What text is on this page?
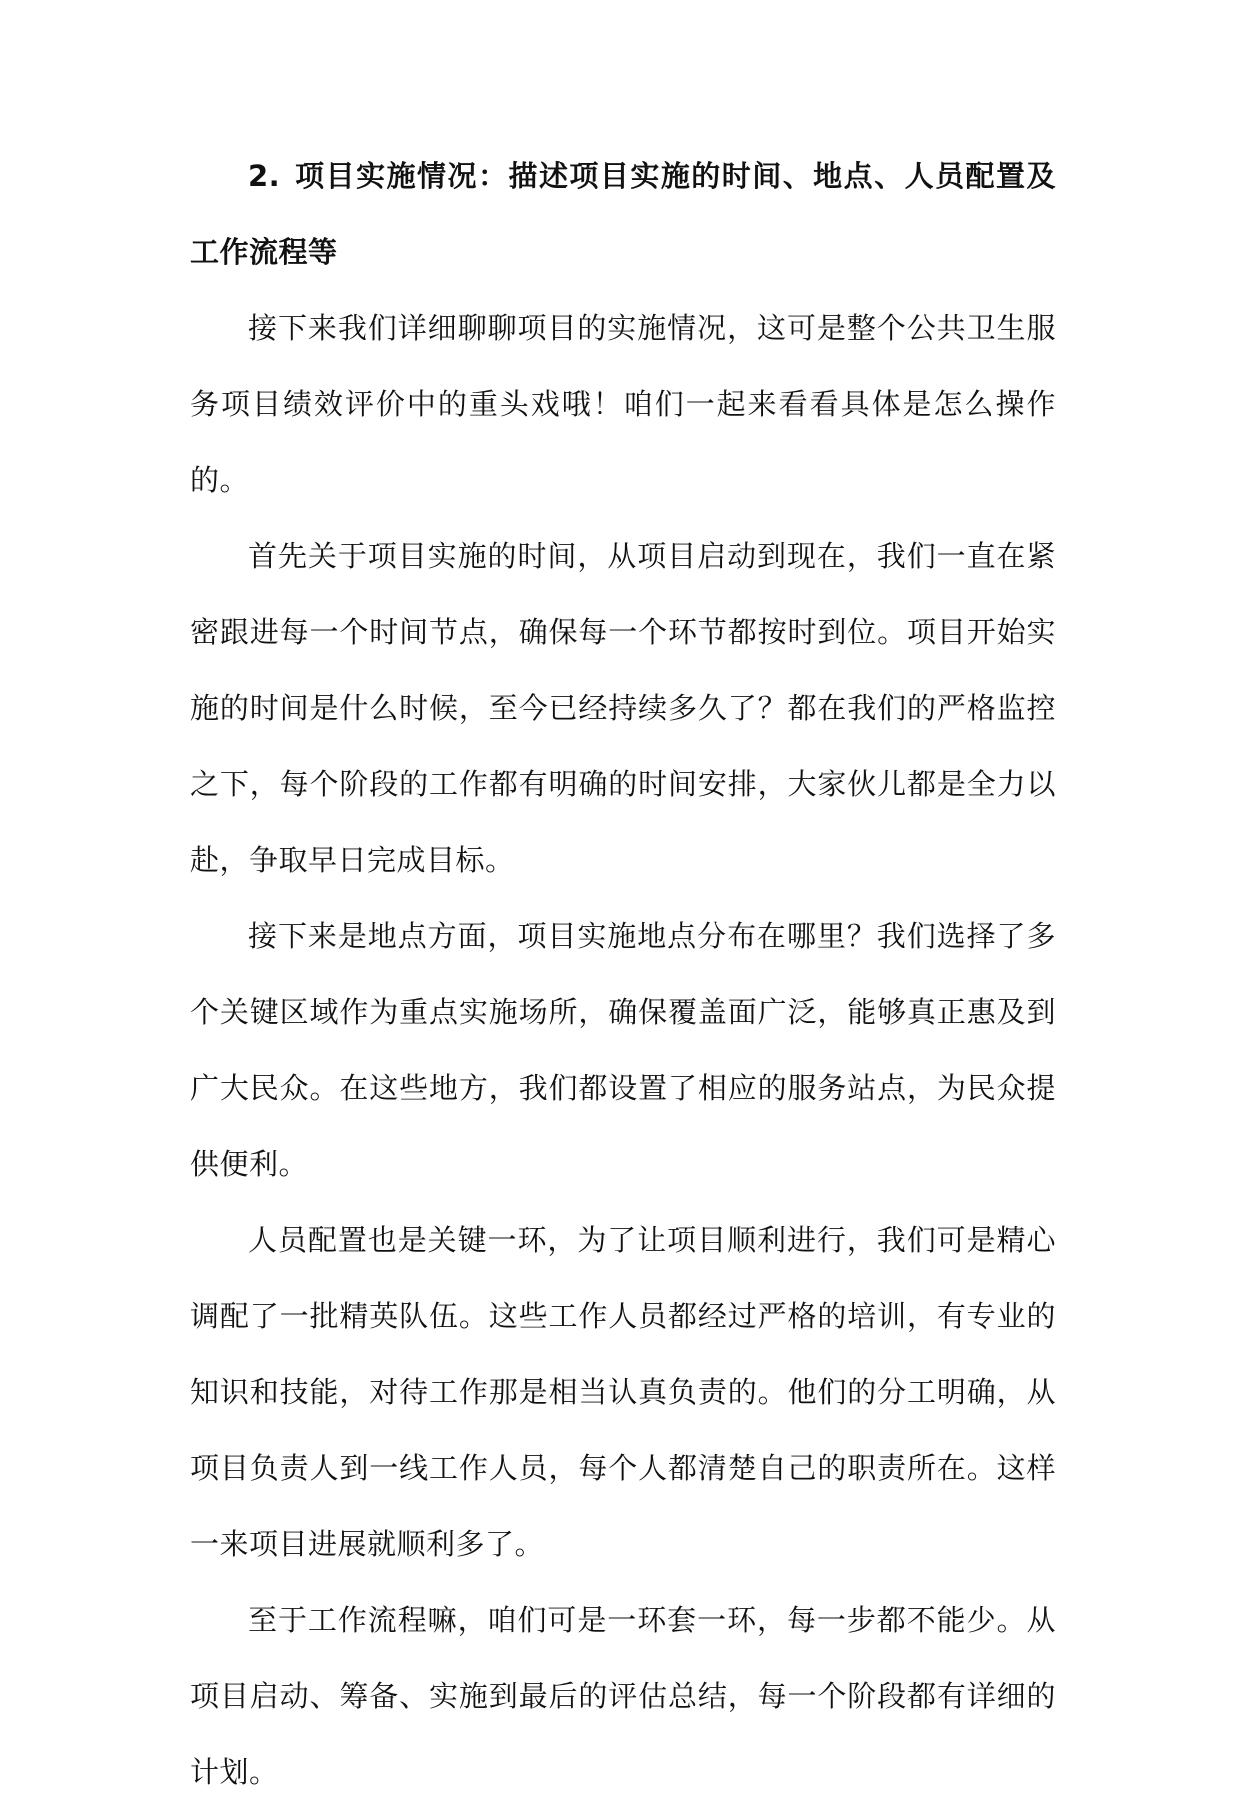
2. 项目实施情况：描述项目实施的时间、地点、人员配置及工作流程等

接下来我们详细聊聊项目的实施情况，这可是整个公共卫生服务项目绩效评价中的重头戏哦！咱们一起来看看具体是怎么操作的。

首先关于项目实施的时间，从项目启动到现在，我们一直在紧密跟进每一个时间节点，确保每一个环节都按时到位。项目开始实施的时间是什么时候，至今已经持续多久了？都在我们的严格监控之下，每个阶段的工作都有明确的时间安排，大家伙儿都是全力以赴，争取早日完成目标。

接下来是地点方面，项目实施地点分布在哪里？我们选择了多个关键区域作为重点实施场所，确保覆盖面广泛，能够真正惠及到广大民众。在这些地方，我们都设置了相应的服务站点，为民众提供便利。

人员配置也是关键一环，为了让项目顺利进行，我们可是精心调配了一批精英队伍。这些工作人员都经过严格的培训，有专业的知识和技能，对待工作那是相当认真负责的。他们的分工明确，从项目负责人到一线工作人员，每个人都清楚自己的职责所在。这样一来项目进展就顺利多了。

至于工作流程嘛，咱们可是一环套一环，每一步都不能少。从项目启动、筹备、实施到最后的评估总结，每一个阶段都有详细的计划。
